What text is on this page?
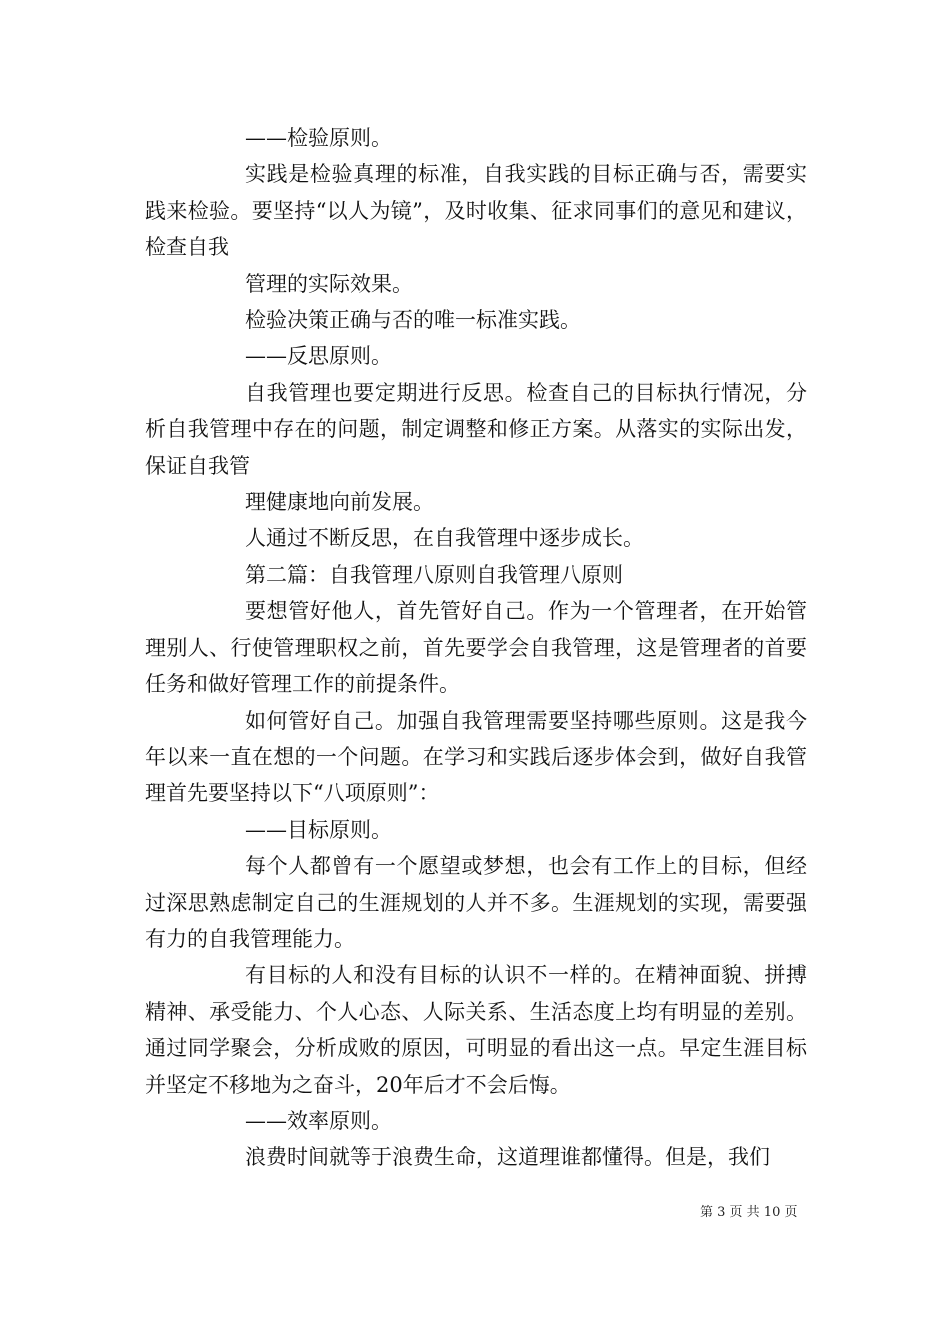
——检验原则。

实践是检验真理的标准，自我实践的目标正确与否，需要实践来检验。要坚持“以人为镜”，及时收集、征求同事们的意见和建议，检查自我

管理的实际效果。

检验决策正确与否的唯一标准实践。

——反思原则。

自我管理也要定期进行反思。检查自己的目标执行情况，分析自我管理中存在的问题，制定调整和修正方案。从落实的实际出发，保证自我管

理健康地向前发展。

人通过不断反思，在自我管理中逐步成长。

第二篇：自我管理八原则自我管理八原则

要想管好他人，首先管好自己。作为一个管理者，在开始管理别人、行使管理职权之前，首先要学会自我管理，这是管理者的首要任务和做好管理工作的前提条件。

如何管好自己。加强自我管理需要坚持哪些原则。这是我今年以来一直在想的一个问题。在学习和实践后逐步体会到，做好自我管理首先要坚持以下“八项原则”：

——目标原则。

每个人都曾有一个愿望或梦想，也会有工作上的目标，但经过深思熟虑制定自己的生涯规划的人并不多。生涯规划的实现，需要强有力的自我管理能力。

有目标的人和没有目标的认识不一样的。在精神面貌、拼搏精神、承受能力、个人心态、人际关系、生活态度上均有明显的差别。通过同学聚会，分析成败的原因，可明显的看出这一点。早定生涯目标并坚定不移地为之奋斗，20年后才不会后悔。

——效率原则。

浪费时间就等于浪费生命，这道理谁都懂得。但是，我们

第 3 页 共 10 页
